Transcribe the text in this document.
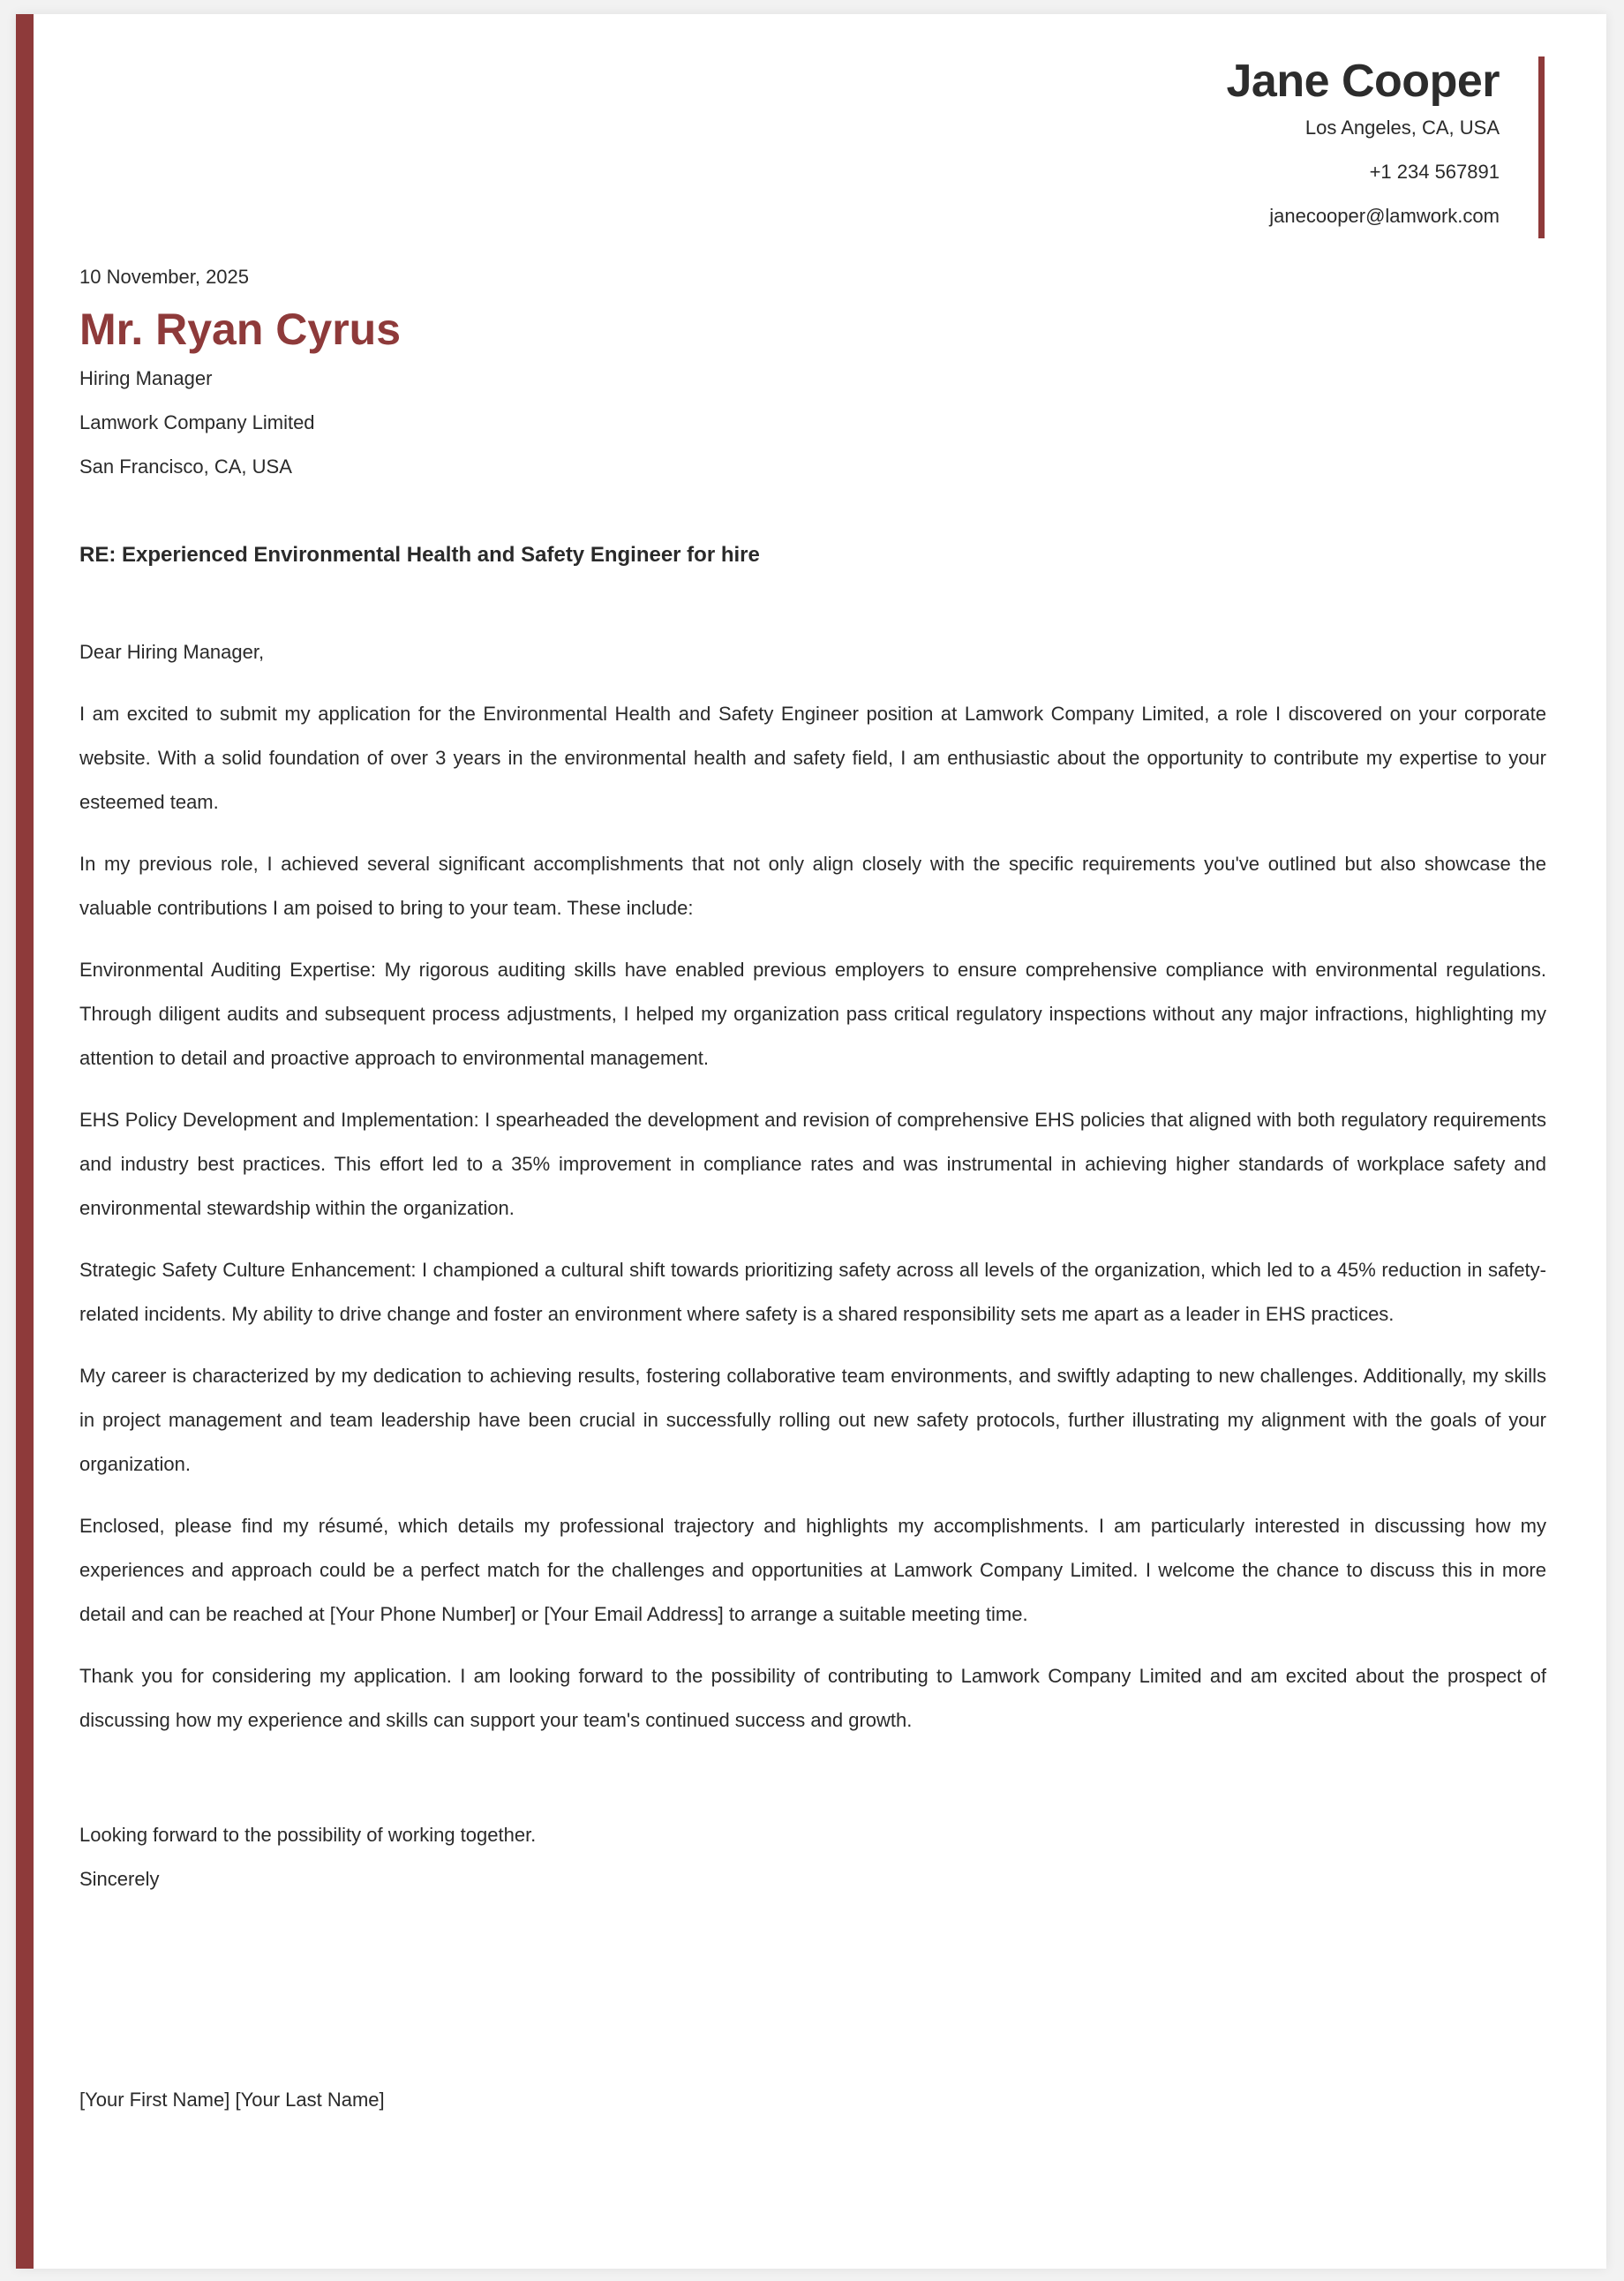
Jane Cooper
Los Angeles, CA, USA
+1 234 567891
janecooper@lamwork.com
10 November, 2025
Mr. Ryan Cyrus
Hiring Manager
Lamwork Company Limited
San Francisco, CA, USA
RE: Experienced Environmental Health and Safety Engineer for hire
Dear Hiring Manager,
I am excited to submit my application for the Environmental Health and Safety Engineer position at Lamwork Company Limited, a role I discovered on your corporate website. With a solid foundation of over 3 years in the environmental health and safety field, I am enthusiastic about the opportunity to contribute my expertise to your esteemed team.
In my previous role, I achieved several significant accomplishments that not only align closely with the specific requirements you've outlined but also showcase the valuable contributions I am poised to bring to your team. These include:
Environmental Auditing Expertise: My rigorous auditing skills have enabled previous employers to ensure comprehensive compliance with environmental regulations. Through diligent audits and subsequent process adjustments, I helped my organization pass critical regulatory inspections without any major infractions, highlighting my attention to detail and proactive approach to environmental management.
EHS Policy Development and Implementation: I spearheaded the development and revision of comprehensive EHS policies that aligned with both regulatory requirements and industry best practices. This effort led to a 35% improvement in compliance rates and was instrumental in achieving higher standards of workplace safety and environmental stewardship within the organization.
Strategic Safety Culture Enhancement: I championed a cultural shift towards prioritizing safety across all levels of the organization, which led to a 45% reduction in safety-related incidents. My ability to drive change and foster an environment where safety is a shared responsibility sets me apart as a leader in EHS practices.
My career is characterized by my dedication to achieving results, fostering collaborative team environments, and swiftly adapting to new challenges. Additionally, my skills in project management and team leadership have been crucial in successfully rolling out new safety protocols, further illustrating my alignment with the goals of your organization.
Enclosed, please find my résumé, which details my professional trajectory and highlights my accomplishments. I am particularly interested in discussing how my experiences and approach could be a perfect match for the challenges and opportunities at Lamwork Company Limited. I welcome the chance to discuss this in more detail and can be reached at [Your Phone Number] or [Your Email Address] to arrange a suitable meeting time.
Thank you for considering my application. I am looking forward to the possibility of contributing to Lamwork Company Limited and am excited about the prospect of discussing how my experience and skills can support your team's continued success and growth.
Looking forward to the possibility of working together.
Sincerely
[Your First Name] [Your Last Name]
